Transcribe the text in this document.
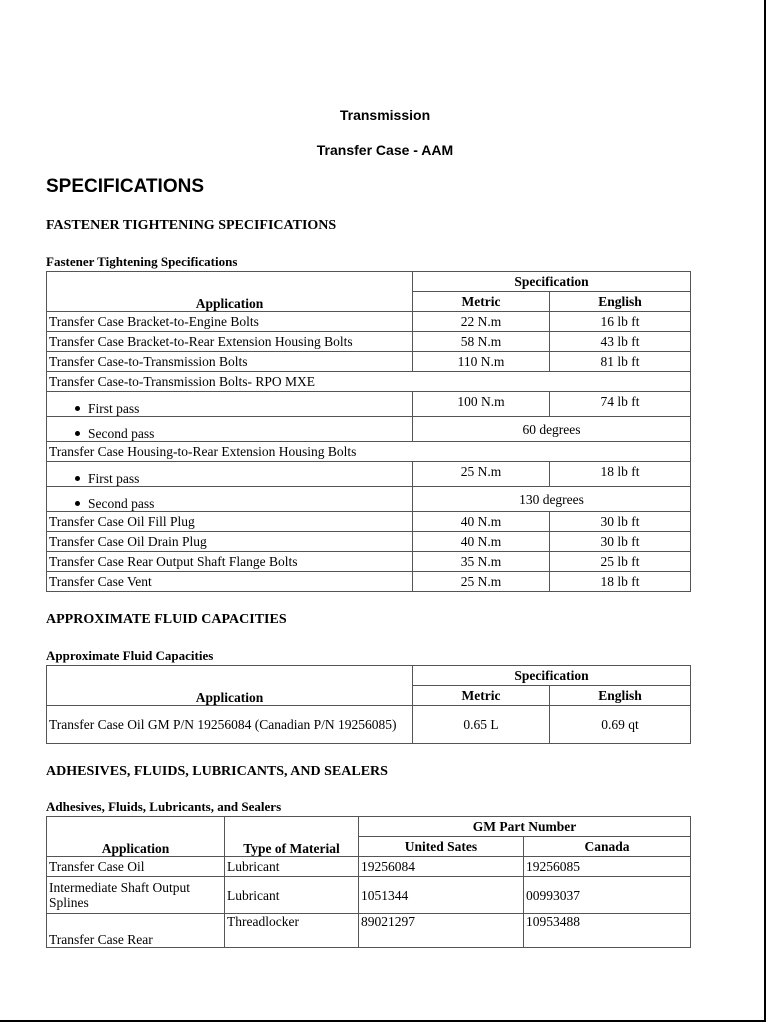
Transmission
Transfer Case - AAM
SPECIFICATIONS
FASTENER TIGHTENING SPECIFICATIONS
Fastener Tightening Specifications
Application	Specification	
	Metric	English
Transfer Case Bracket-to-Engine Bolts	22 N.m	16 lb ft
Transfer Case Bracket-to-Rear Extension Housing Bolts	58 N.m	43 lb ft
Transfer Case-to-Transmission Bolts	110 N.m	81 lb ft
Transfer Case-to-Transmission Bolts- RPO MXE		
First pass	100 N.m	74 lb ft
Second pass	60 degrees	
Transfer Case Housing-to-Rear Extension Housing Bolts		
First pass	25 N.m	18 lb ft
Second pass	130 degrees	
Transfer Case Oil Fill Plug	40 N.m	30 lb ft
Transfer Case Oil Drain Plug	40 N.m	30 lb ft
Transfer Case Rear Output Shaft Flange Bolts	35 N.m	25 lb ft
Transfer Case Vent	25 N.m	18 lb ft
APPROXIMATE FLUID CAPACITIES
Approximate Fluid Capacities
Application	Specification	
	Metric	English
Transfer Case Oil GM P/N 19256084 (Canadian P/N 19256085)	0.65 L	0.69 qt
ADHESIVES, FLUIDS, LUBRICANTS, AND SEALERS
Adhesives, Fluids, Lubricants, and Sealers
Application	Type of Material	GM Part Number	
		United Sates	Canada
Transfer Case Oil	Lubricant	19256084	19256085
Intermediate Shaft Output Splines	Lubricant	1051344	00993037
Transfer Case Rear	Threadlocker	89021297	10953488
